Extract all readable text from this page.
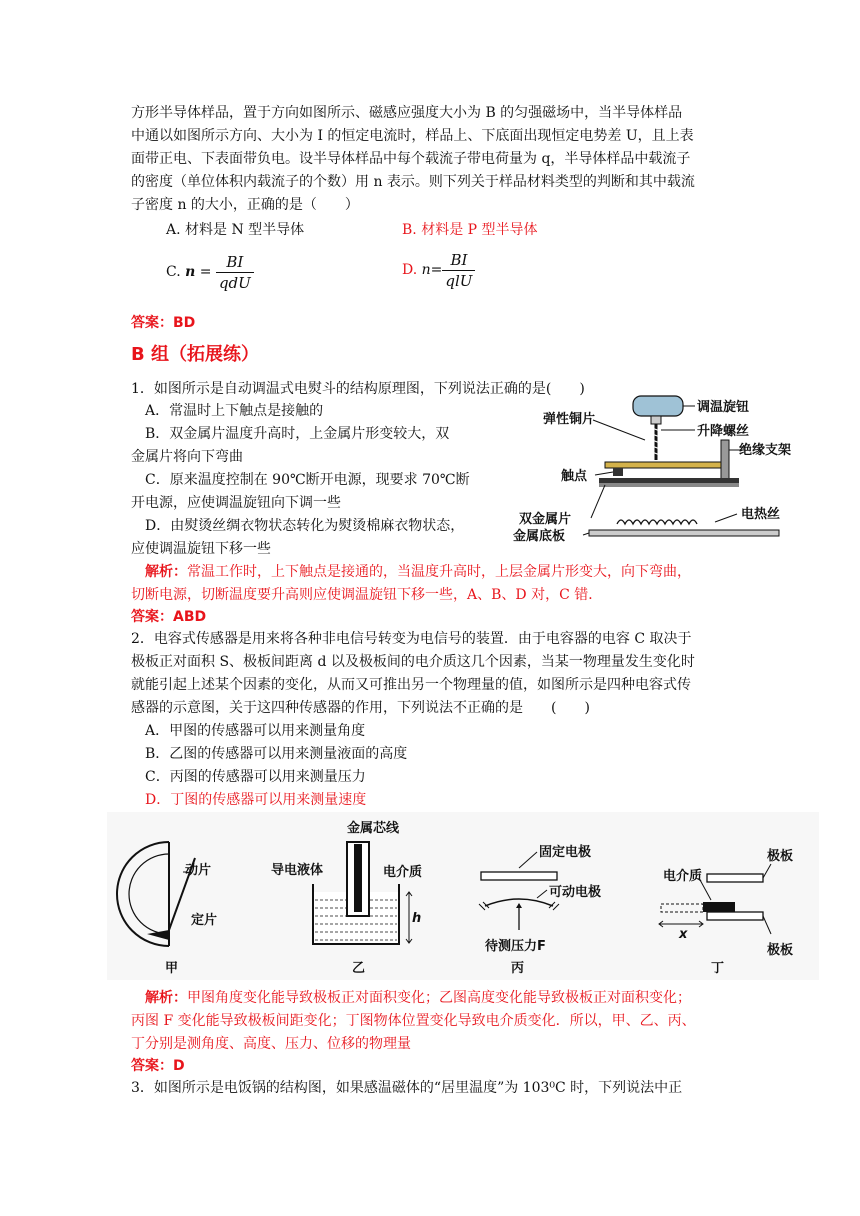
方形半导体样品，置于方向如图所示、磁感应强度大小为 B 的匀强磁场中，当半导体样品
中通以如图所示方向、大小为 I 的恒定电流时，样品上、下底面出现恒定电势差 U，且上表
面带正电、下表面带负电。设半导体样品中每个载流子带电荷量为 q，半导体样品中载流子
的密度（单位体积内载流子的个数）用 n 表示。则下列关于样品材料类型的判断和其中载流
子密度 n 的大小，正确的是（　　）
A. 材料是 N 型半导体	B. 材料是 P 型半导体
C. $n = \frac{BI}{\text{qdU}}$	D. $n= \frac{BI}{\text{qlU}}$
答案：BD
B 组（拓展练）
1．如图所示是自动调温式电熨斗的结构原理图，下列说法正确的是(　　)
A．常温时上下触点是接触的
B．双金属片温度升高时，上金属片形变较大，双
金属片将向下弯曲
C．原来温度控制在 90℃断开电源，现要求 70℃断
开电源，应使调温旋钮向下调一些
D．由熨烫丝绸衣物状态转化为熨烫棉麻衣物状态，
应使调温旋钮下移一些
解析：常温工作时，上下触点是接通的，当温度升高时，上层金属片形变大，向下弯曲，
切断电源，切断温度要升高则应使调温旋钮下移一些，A、B、D 对，C 错．
答案：ABD
调温旋钮
弹性铜片
升降螺丝
绝缘支架
触点
双金属片	电热丝
金属底板
2．电容式传感器是用来将各种非电信号转变为电信号的装置．由于电容器的电容 C 取决于
极板正对面积 S、极板间距离 d 以及极板间的电介质这几个因素，当某一物理量发生变化时
就能引起上述某个因素的变化，从而又可推出另一个物理量的值，如图所示是四种电容式传
感器的示意图，关于这四种传感器的作用，下列说法不正确的是　　(　　)
A．甲图的传感器可以用来测量角度
B．乙图的传感器可以用来测量液面的高度
C．丙图的传感器可以用来测量压力
D．丁图的传感器可以用来测量速度
动片
定片
甲
h
金属芯线
导电液体	电介质
乙
固定电极
可动电极
待测压力F
丙
极板
电介质
x
极板
丁
解析：甲图角度变化能导致极板正对面积变化；乙图高度变化能导致极板正对面积变化；
丙图 F 变化能导致极板间距变化；丁图物体位置变化导致电介质变化．所以，甲、乙、丙、
丁分别是测角度、高度、压力、位移的物理量
答案：D
3．如图所示是电饭锅的结构图，如果感温磁体的“居里温度”为 103⁰C 时，下列说法中正
